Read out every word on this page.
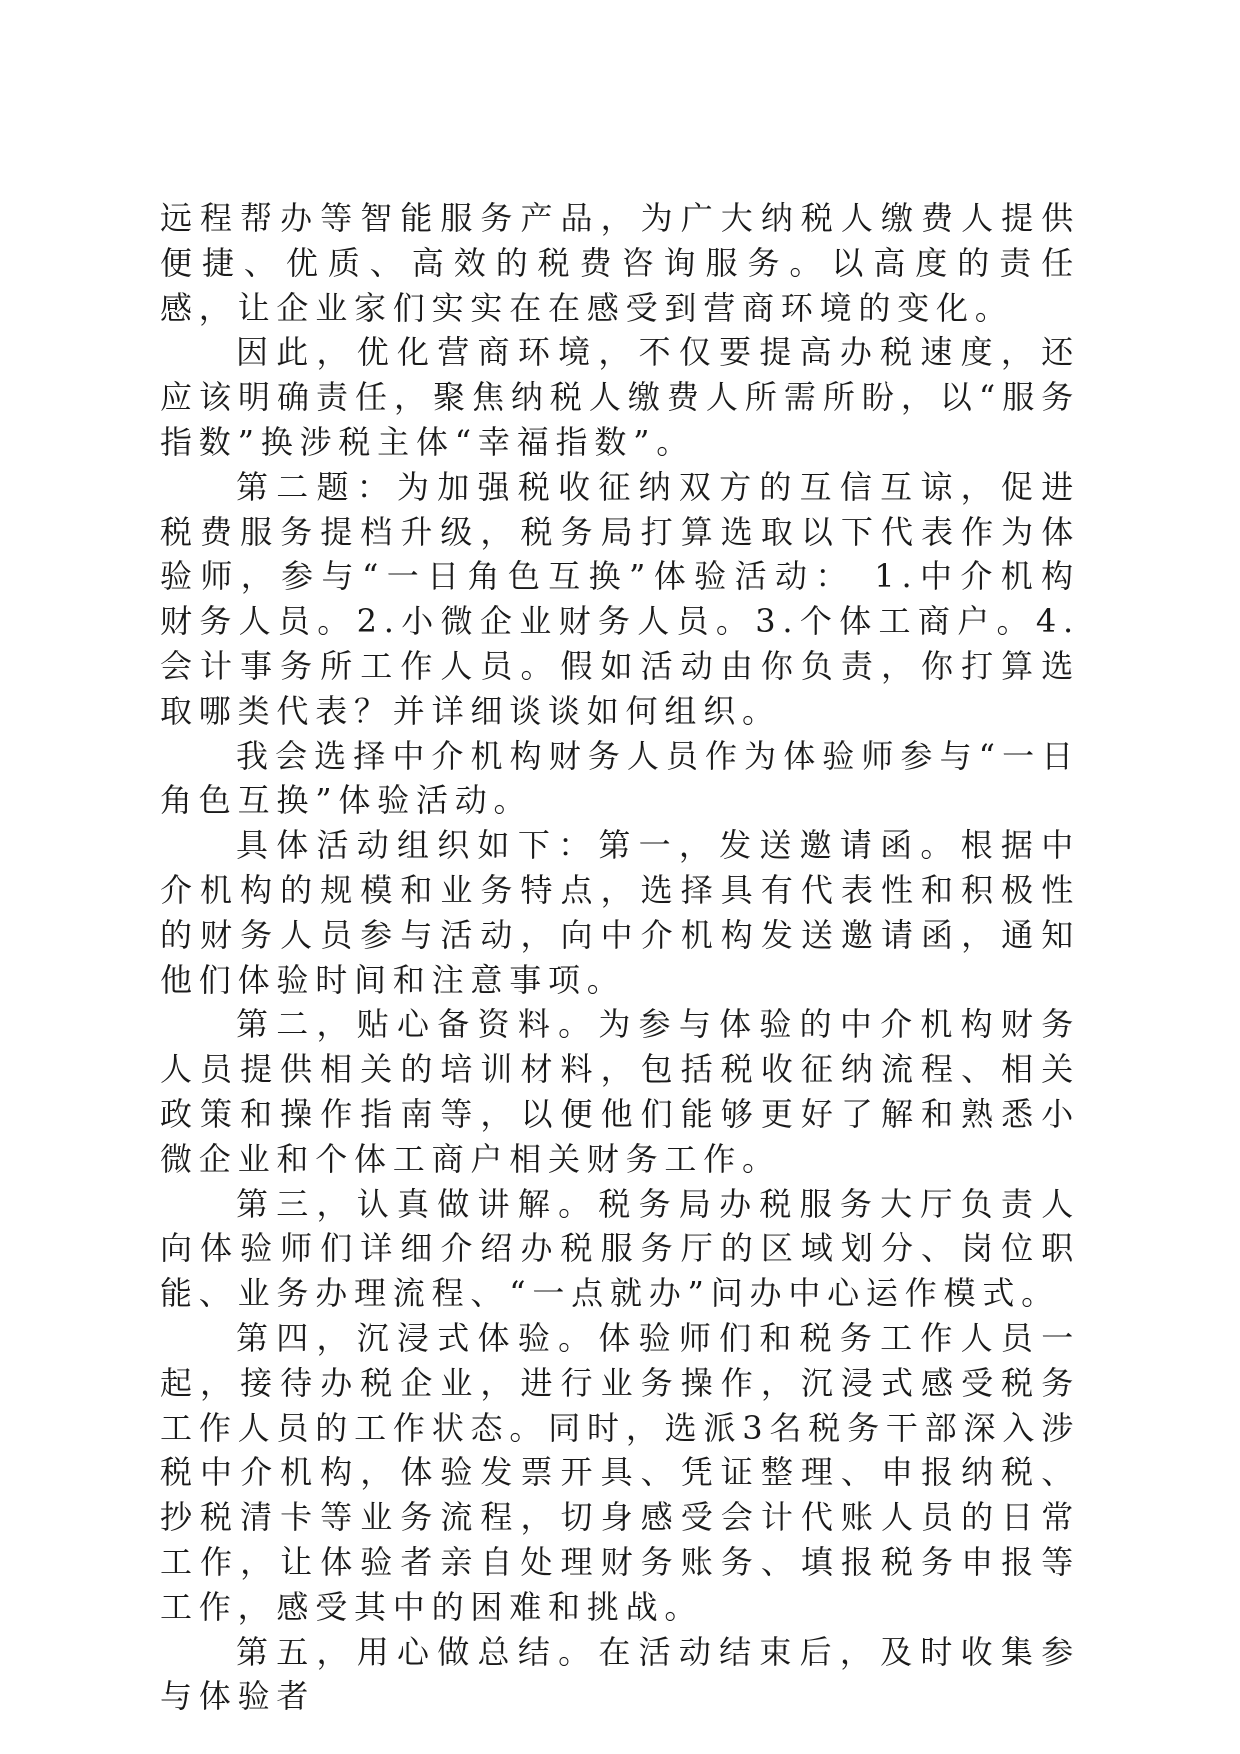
远程帮办等智能服务产品，为广大纳税人缴费人提供便捷、优质、高效的税费咨询服务。以高度的责任感，让企业家们实实在在感受到营商环境的变化。

因此，优化营商环境，不仅要提高办税速度，还应该明确责任，聚焦纳税人缴费人所需所盼，以“服务指数”换涉税主体“幸福指数”。

第二题：为加强税收征纳双方的互信互谅，促进税费服务提档升级，税务局打算选取以下代表作为体验师，参与“一日角色互换”体验活动： 1.中介机构财务人员。2.小微企业财务人员。3.个体工商户。4.会计事务所工作人员。假如活动由你负责，你打算选取哪类代表？并详细谈谈如何组织。

我会选择中介机构财务人员作为体验师参与“一日角色互换”体验活动。

具体活动组织如下：第一，发送邀请函。根据中介机构的规模和业务特点，选择具有代表性和积极性的财务人员参与活动，向中介机构发送邀请函，通知他们体验时间和注意事项。

第二，贴心备资料。为参与体验的中介机构财务人员提供相关的培训材料，包括税收征纳流程、相关政策和操作指南等，以便他们能够更好了解和熟悉小微企业和个体工商户相关财务工作。

第三，认真做讲解。税务局办税服务大厅负责人向体验师们详细介绍办税服务厅的区域划分、岗位职能、业务办理流程、“一点就办”问办中心运作模式。

第四，沉浸式体验。体验师们和税务工作人员一起，接待办税企业，进行业务操作，沉浸式感受税务工作人员的工作状态。同时，选派3名税务干部深入涉税中介机构，体验发票开具、凭证整理、申报纳税、抄税清卡等业务流程，切身感受会计代账人员的日常工作，让体验者亲自处理财务账务、填报税务申报等工作，感受其中的困难和挑战。

第五，用心做总结。在活动结束后，及时收集参与体验者
